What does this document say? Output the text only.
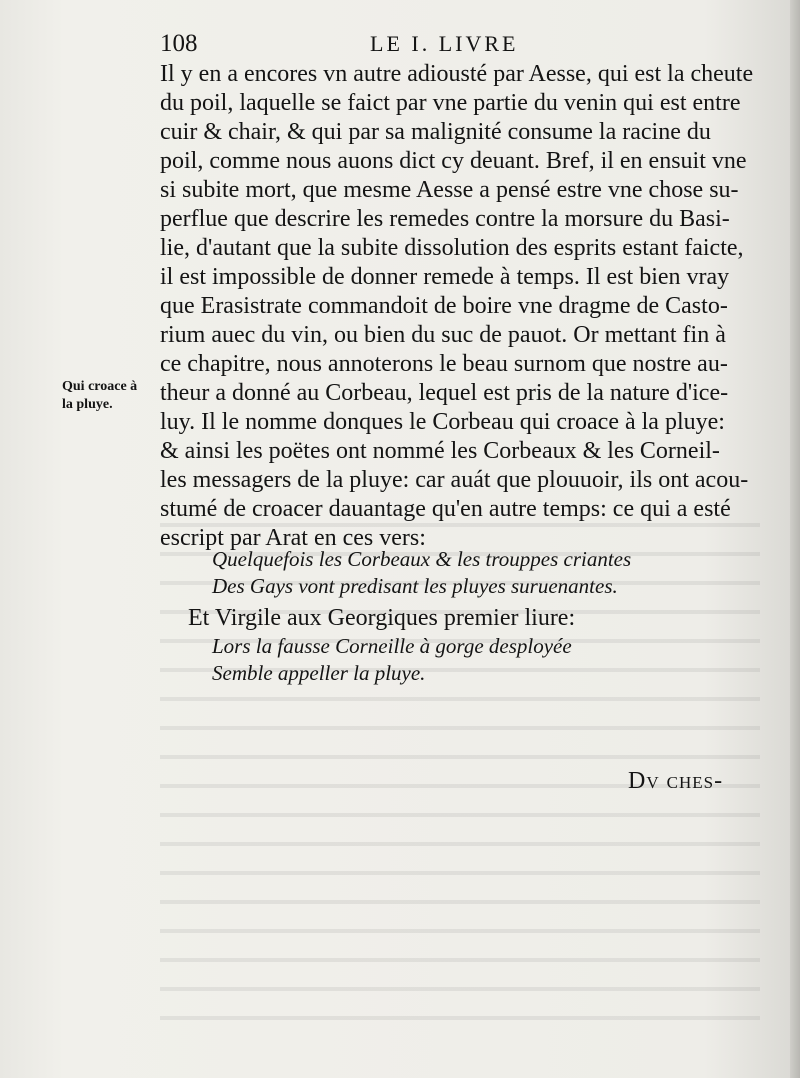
108	LE I. LIVRE
Qui croace à
la pluye.
Il y en a encores vn autre adiousté par Aesse, qui est la cheute
du poil, laquelle se faict par vne partie du venin qui est entre
cuir & chair, & qui par sa malignité consume la racine du
poil, comme nous auons dict cy deuant. Bref, il en ensuit vne
si subite mort, que mesme Aesse a pensé estre vne chose su-
perflue que descrire les remedes contre la morsure du Basi-
lie, d'autant que la subite dissolution des esprits estant faicte,
il est impossible de donner remede à temps. Il est bien vray
que Erasistrate commandoit de boire vne dragme de Casto-
rium auec du vin, ou bien du suc de pauot. Or mettant fin à
ce chapitre, nous annoterons le beau surnom que nostre au-
theur a donné au Corbeau, lequel est pris de la nature d'ice-
luy. Il le nomme donques le Corbeau qui croace à la pluye:
& ainsi les poëtes ont nommé les Corbeaux & les Corneil-
les messagers de la pluye: car auát que plouuoir, ils ont acou-
stumé de croacer dauantage qu'en autre temps: ce qui a esté
escript par Arat en ces vers:
Quelquefois les Corbeaux & les trouppes criantes
Des Gays vont predisant les pluyes suruenantes.
Et Virgile aux Georgiques premier liure:
Lors la fausse Corneille à gorge desployée
Semble appeller la pluye.
Dv ches-
